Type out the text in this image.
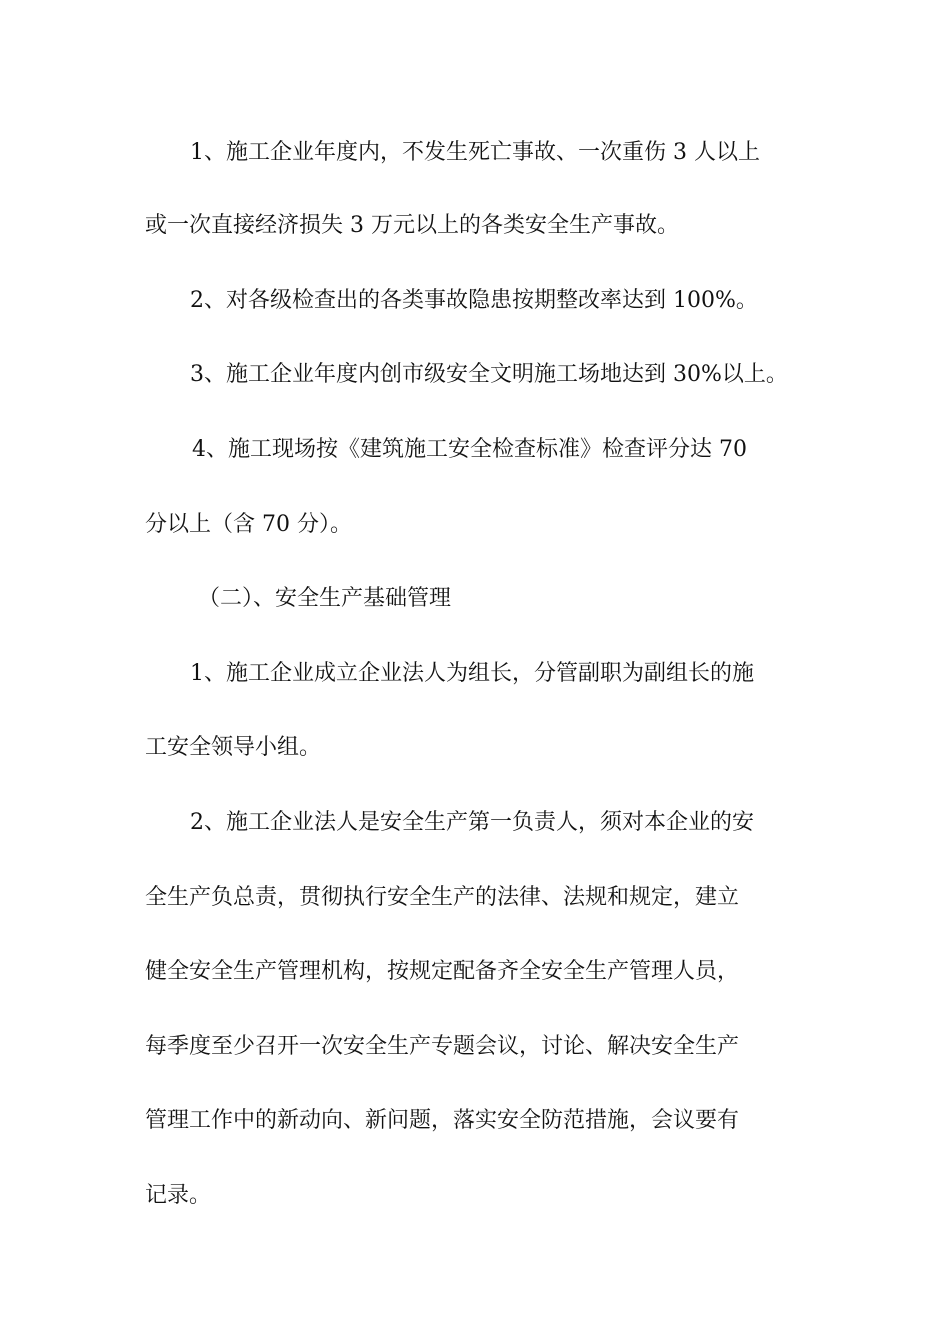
1、施工企业年度内，不发生死亡事故、一次重伤 3 人以上
或一次直接经济损失 3 万元以上的各类安全生产事故。
2、对各级检查出的各类事故隐患按期整改率达到 100%。
3、施工企业年度内创市级安全文明施工场地达到 30%以上。
4、施工现场按《建筑施工安全检查标准》检查评分达 70
分以上（含 70 分）。
（二）、安全生产基础管理
1、施工企业成立企业法人为组长，分管副职为副组长的施
工安全领导小组。
2、施工企业法人是安全生产第一负责人，须对本企业的安
全生产负总责，贯彻执行安全生产的法律、法规和规定，建立
健全安全生产管理机构，按规定配备齐全安全生产管理人员，
每季度至少召开一次安全生产专题会议，讨论、解决安全生产
管理工作中的新动向、新问题，落实安全防范措施，会议要有
记录。
